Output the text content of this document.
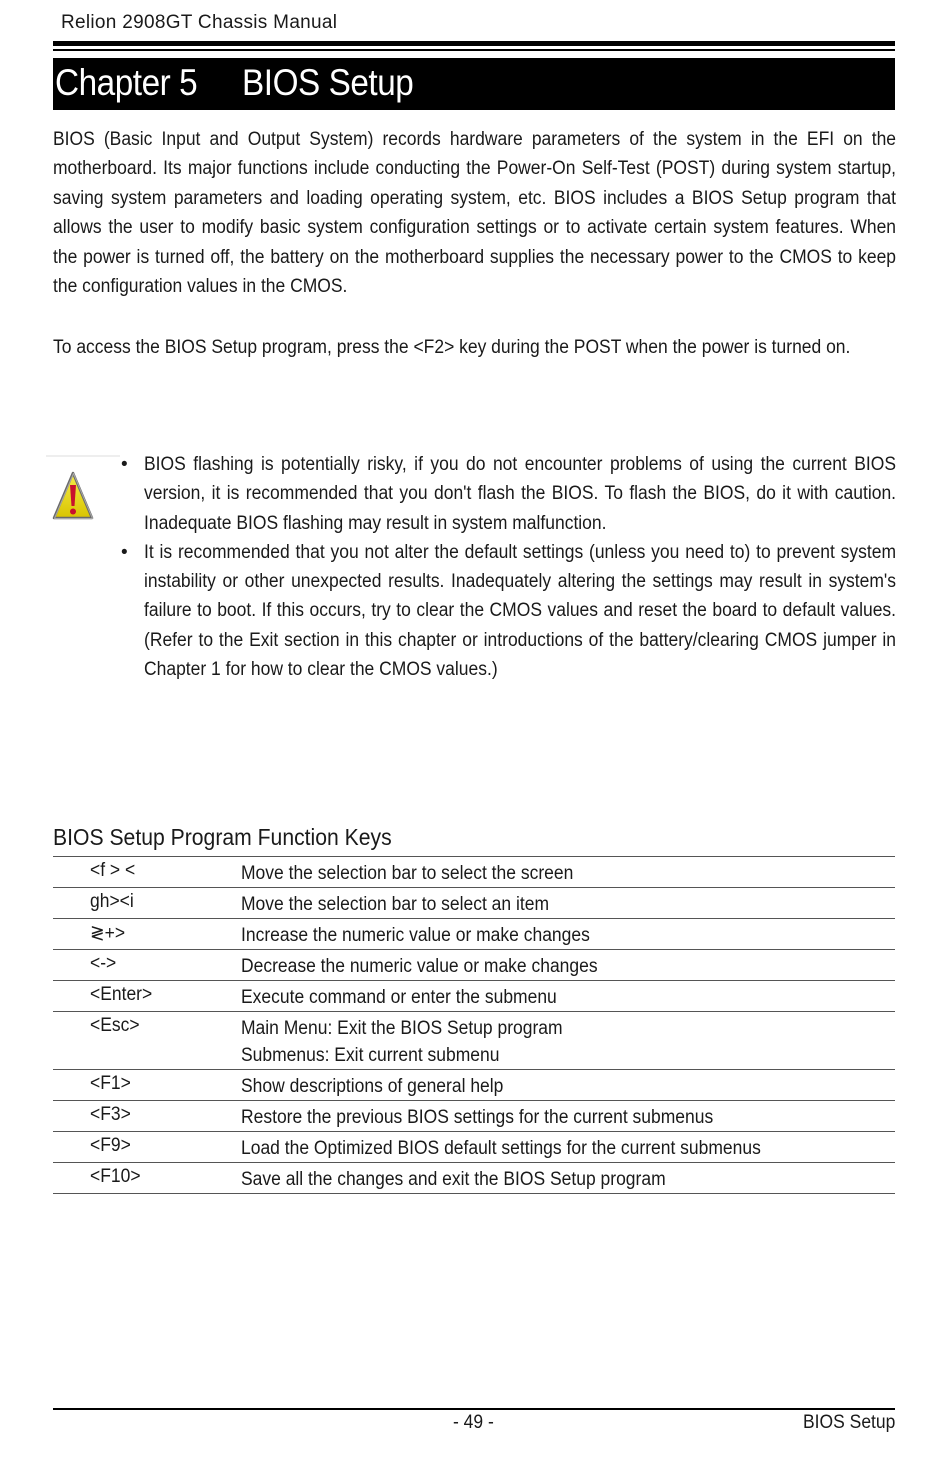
Relion 2908GT Chassis Manual
Chapter 5 BIOS Setup
BIOS (Basic Input and Output System) records hardware parameters of the system in the EFI on the motherboard. Its major functions include conducting the Power-On Self-Test (POST) during system startup, saving system parameters and loading operating system, etc. BIOS includes a BIOS Setup program that allows the user to modify basic system configuration settings or to activate certain system features. When the power is turned off, the battery on the motherboard supplies the necessary power to the CMOS to keep the configuration values in the CMOS.
To access the BIOS Setup program, press the <F2> key during the POST when the power is turned on.
• BIOS flashing is potentially risky, if you do not encounter problems of using the current BIOS version, it is recommended that you don't flash the BIOS. To flash the BIOS, do it with caution. Inadequate BIOS flashing may result in system malfunction.
• It is recommended that you not alter the default settings (unless you need to) to prevent system instability or other unexpected results. Inadequately altering the settings may result in system's failure to boot. If this occurs, try to clear the CMOS values and reset the board to default values. (Refer to the Exit section in this chapter or introductions of the battery/clearing CMOS jumper in Chapter 1 for how to clear the CMOS values.)
BIOS Setup Program Function Keys
<f > <	Move the selection bar to select the screen
gh><i	Move the selection bar to select an item
≷+>	Increase the numeric value or make changes
<->	Decrease the numeric value or make changes
<Enter>	Execute command or enter the submenu
<Esc>	Main Menu: Exit the BIOS Setup program
Submenus: Exit current submenu
<F1>	Show descriptions of general help
<F3>	Restore the previous BIOS settings for the current submenus
<F9>	Load the Optimized BIOS default settings for the current submenus
<F10>	Save all the changes and exit the BIOS Setup program
- 49 -	BIOS Setup
